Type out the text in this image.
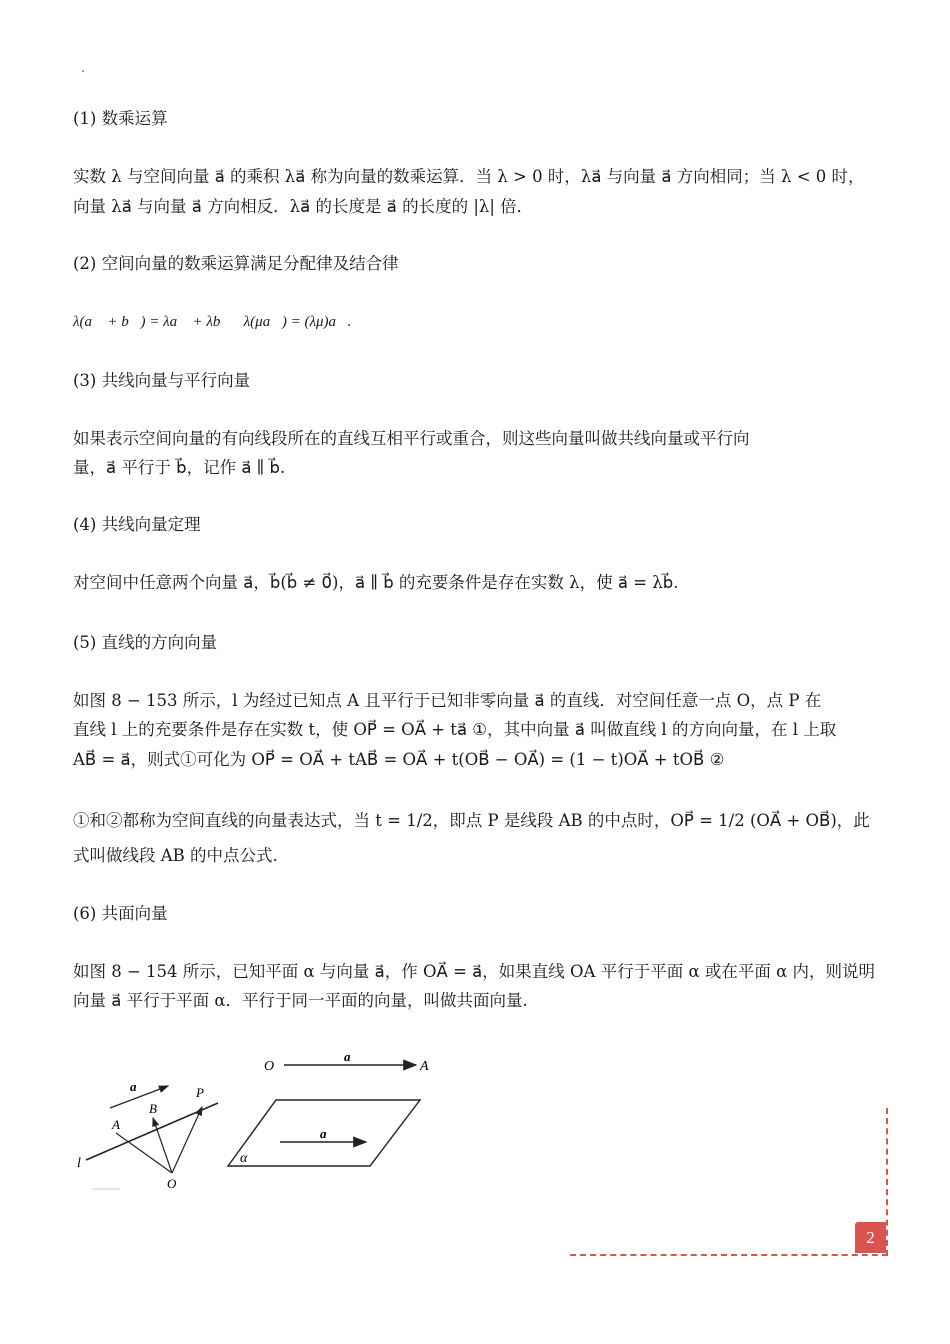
(1) 数乘运算
实数 λ 与空间向量 a⃗ 的乘积 λa⃗ 称为向量的数乘运算．当 λ > 0 时，λa⃗ 与向量 a⃗ 方向相同；当 λ < 0 时，
向量 λa⃗ 与向量 a⃗ 方向相反．λa⃗ 的长度是 a⃗ 的长度的 |λ| 倍．
(2) 空间向量的数乘运算满足分配律及结合律
λ(a⃗ + b⃗) = λa⃗ + λb⃗，λ(μa⃗) = (λμ)a⃗.
(3) 共线向量与平行向量
如果表示空间向量的有向线段所在的直线互相平行或重合，则这些向量叫做共线向量或平行向
量，a⃗ 平行于 b⃗，记作 a⃗ ∥ b⃗.
(4) 共线向量定理
对空间中任意两个向量 a⃗，b⃗(b⃗ ≠ 0⃗)，a⃗ ∥ b⃗ 的充要条件是存在实数 λ，使 a⃗ = λb⃗.
(5) 直线的方向向量
如图 8 − 153 所示，l 为经过已知点 A 且平行于已知非零向量 a⃗ 的直线．对空间任意一点 O，点 P 在
直线 l 上的充要条件是存在实数 t，使 OP⃗ = OA⃗ + ta⃗ ①，其中向量 a⃗ 叫做直线 l 的方向向量，在 l 上取
AB⃗ = a⃗，则式①可化为 OP⃗ = OA⃗ + tAB⃗ = OA⃗ + t(OB⃗ − OA⃗) = (1 − t)OA⃗ + tOB⃗ ②
①和②都称为空间直线的向量表达式，当 t = 1/2，即点 P 是线段 AB 的中点时，OP⃗ = 1/2 (OA⃗ + OB⃗)，此
式叫做线段 AB 的中点公式.
(6) 共面向量
如图 8 − 154 所示，已知平面 α 与向量 a⃗，作 OA⃗ = a⃗，如果直线 OA 平行于平面 α 或在平面 α 内，则说明
向量 a⃗ 平行于平面 α．平行于同一平面的向量，叫做共面向量.
a
l
A
B
P
O
O
a
A
a
α
2
